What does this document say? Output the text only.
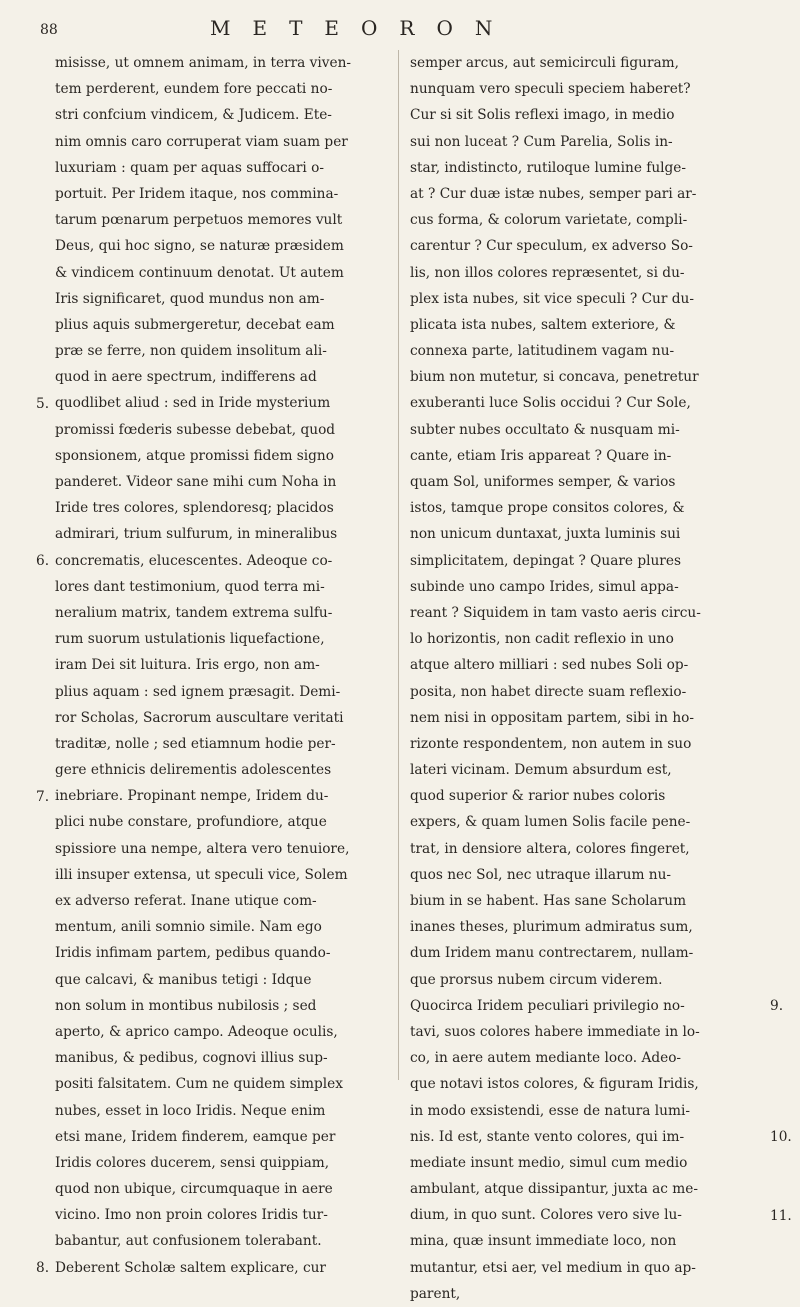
88	METEORON
misisse, ut omnem animam, in terra viven-
tem perderent, eundem fore peccati no-
stri confcium vindicem, & Judicem. Ete-
nim omnis caro corruperat viam suam per
luxuriam : quam per aquas suffocari o-
portuit. Per Iridem itaque, nos commina-
tarum pœnarum perpetuos memores vult
Deus, qui hoc signo, se naturæ præsidem
& vindicem continuum denotat. Ut autem
Iris significaret, quod mundus non am-
plius aquis submergeretur, decebat eam
præ se ferre, non quidem insolitum ali-
quod in aere spectrum, indifferens ad
quodlibet aliud : sed in Iride mysterium
promissi fœderis subesse debebat, quod
sponsionem, atque promissi fidem signo
panderet. Videor sane mihi cum Noha in
Iride tres colores, splendoresq; placidos
admirari, trium sulfurum, in mineralibus
concrematis, elucescentes. Adeoque co-
lores dant testimonium, quod terra mi-
neralium matrix, tandem extrema sulfu-
rum suorum ustulationis liquefactione,
iram Dei sit luitura. Iris ergo, non am-
plius aquam : sed ignem præsagit. Demi-
ror Scholas, Sacrorum auscultare veritati
traditæ, nolle ; sed etiamnum hodie per-
gere ethnicis delirementis adolescentes
inebriare. Propinant nempe, Iridem du-
plici nube constare, profundiore, atque
spissiore una nempe, altera vero tenuiore,
illi insuper extensa, ut speculi vice, Solem
ex adverso referat. Inane utique com-
mentum, anili somnio simile. Nam ego
Iridis infimam partem, pedibus quando-
que calcavi, & manibus tetigi : Idque
non solum in montibus nubilosis ; sed
aperto, & aprico campo. Adeoque oculis,
manibus, & pedibus, cognovi illius sup-
positi falsitatem. Cum ne quidem simplex
nubes, esset in loco Iridis. Neque enim
etsi mane, Iridem finderem, eamque per
Iridis colores ducerem, sensi quippiam,
quod non ubique, circumquaque in aere
vicino. Imo non proin colores Iridis tur-
babantur, aut confusionem tolerabant.
Deberent Scholæ saltem explicare, cur
semper arcus, aut semicirculi figuram,
nunquam vero speculi speciem haberet?
Cur si sit Solis reflexi imago, in medio
sui non luceat ? Cum Parelia, Solis in-
star, indistincto, rutiloque lumine fulge-
at ? Cur duæ istæ nubes, semper pari ar-
cus forma, & colorum varietate, compli-
carentur ? Cur speculum, ex adverso So-
lis, non illos colores repræsentet, si du-
plex ista nubes, sit vice speculi ? Cur du-
plicata ista nubes, saltem exteriore, &
connexa parte, latitudinem vagam nu-
bium non mutetur, si concava, penetretur
exuberanti luce Solis occidui ? Cur Sole,
subter nubes occultato & nusquam mi-
cante, etiam Iris appareat ? Quare in-
quam Sol, uniformes semper, & varios
istos, tamque prope consitos colores, &
non unicum duntaxat, juxta luminis sui
simplicitatem, depingat ? Quare plures
subinde uno campo Irides, simul appa-
reant ? Siquidem in tam vasto aeris circu-
lo horizontis, non cadit reflexio in uno
atque altero milliari : sed nubes Soli op-
posita, non habet directe suam reflexio-
nem nisi in oppositam partem, sibi in ho-
rizonte respondentem, non autem in suo
lateri vicinam. Demum absurdum est,
quod superior & rarior nubes coloris
expers, & quam lumen Solis facile pene-
trat, in densiore altera, colores fingeret,
quos nec Sol, nec utraque illarum nu-
bium in se habent. Has sane Scholarum
inanes theses, plurimum admiratus sum,
dum Iridem manu contrectarem, nullam-
que prorsus nubem circum viderem.
Quocirca Iridem peculiari privilegio no-
tavi, suos colores habere immediate in lo-
co, in aere autem mediante loco. Adeo-
que notavi istos colores, & figuram Iridis,
in modo exsistendi, esse de natura lumi-
nis. Id est, stante vento colores, qui im-
mediate insunt medio, simul cum medio
ambulant, atque dissipantur, juxta ac me-
dium, in quo sunt. Colores vero sive lu-
mina, quæ insunt immediate loco, non
mutantur, etsi aer, vel medium in quo ap-
parent,
5.
6.
7.
8.
9.
10.
11.
